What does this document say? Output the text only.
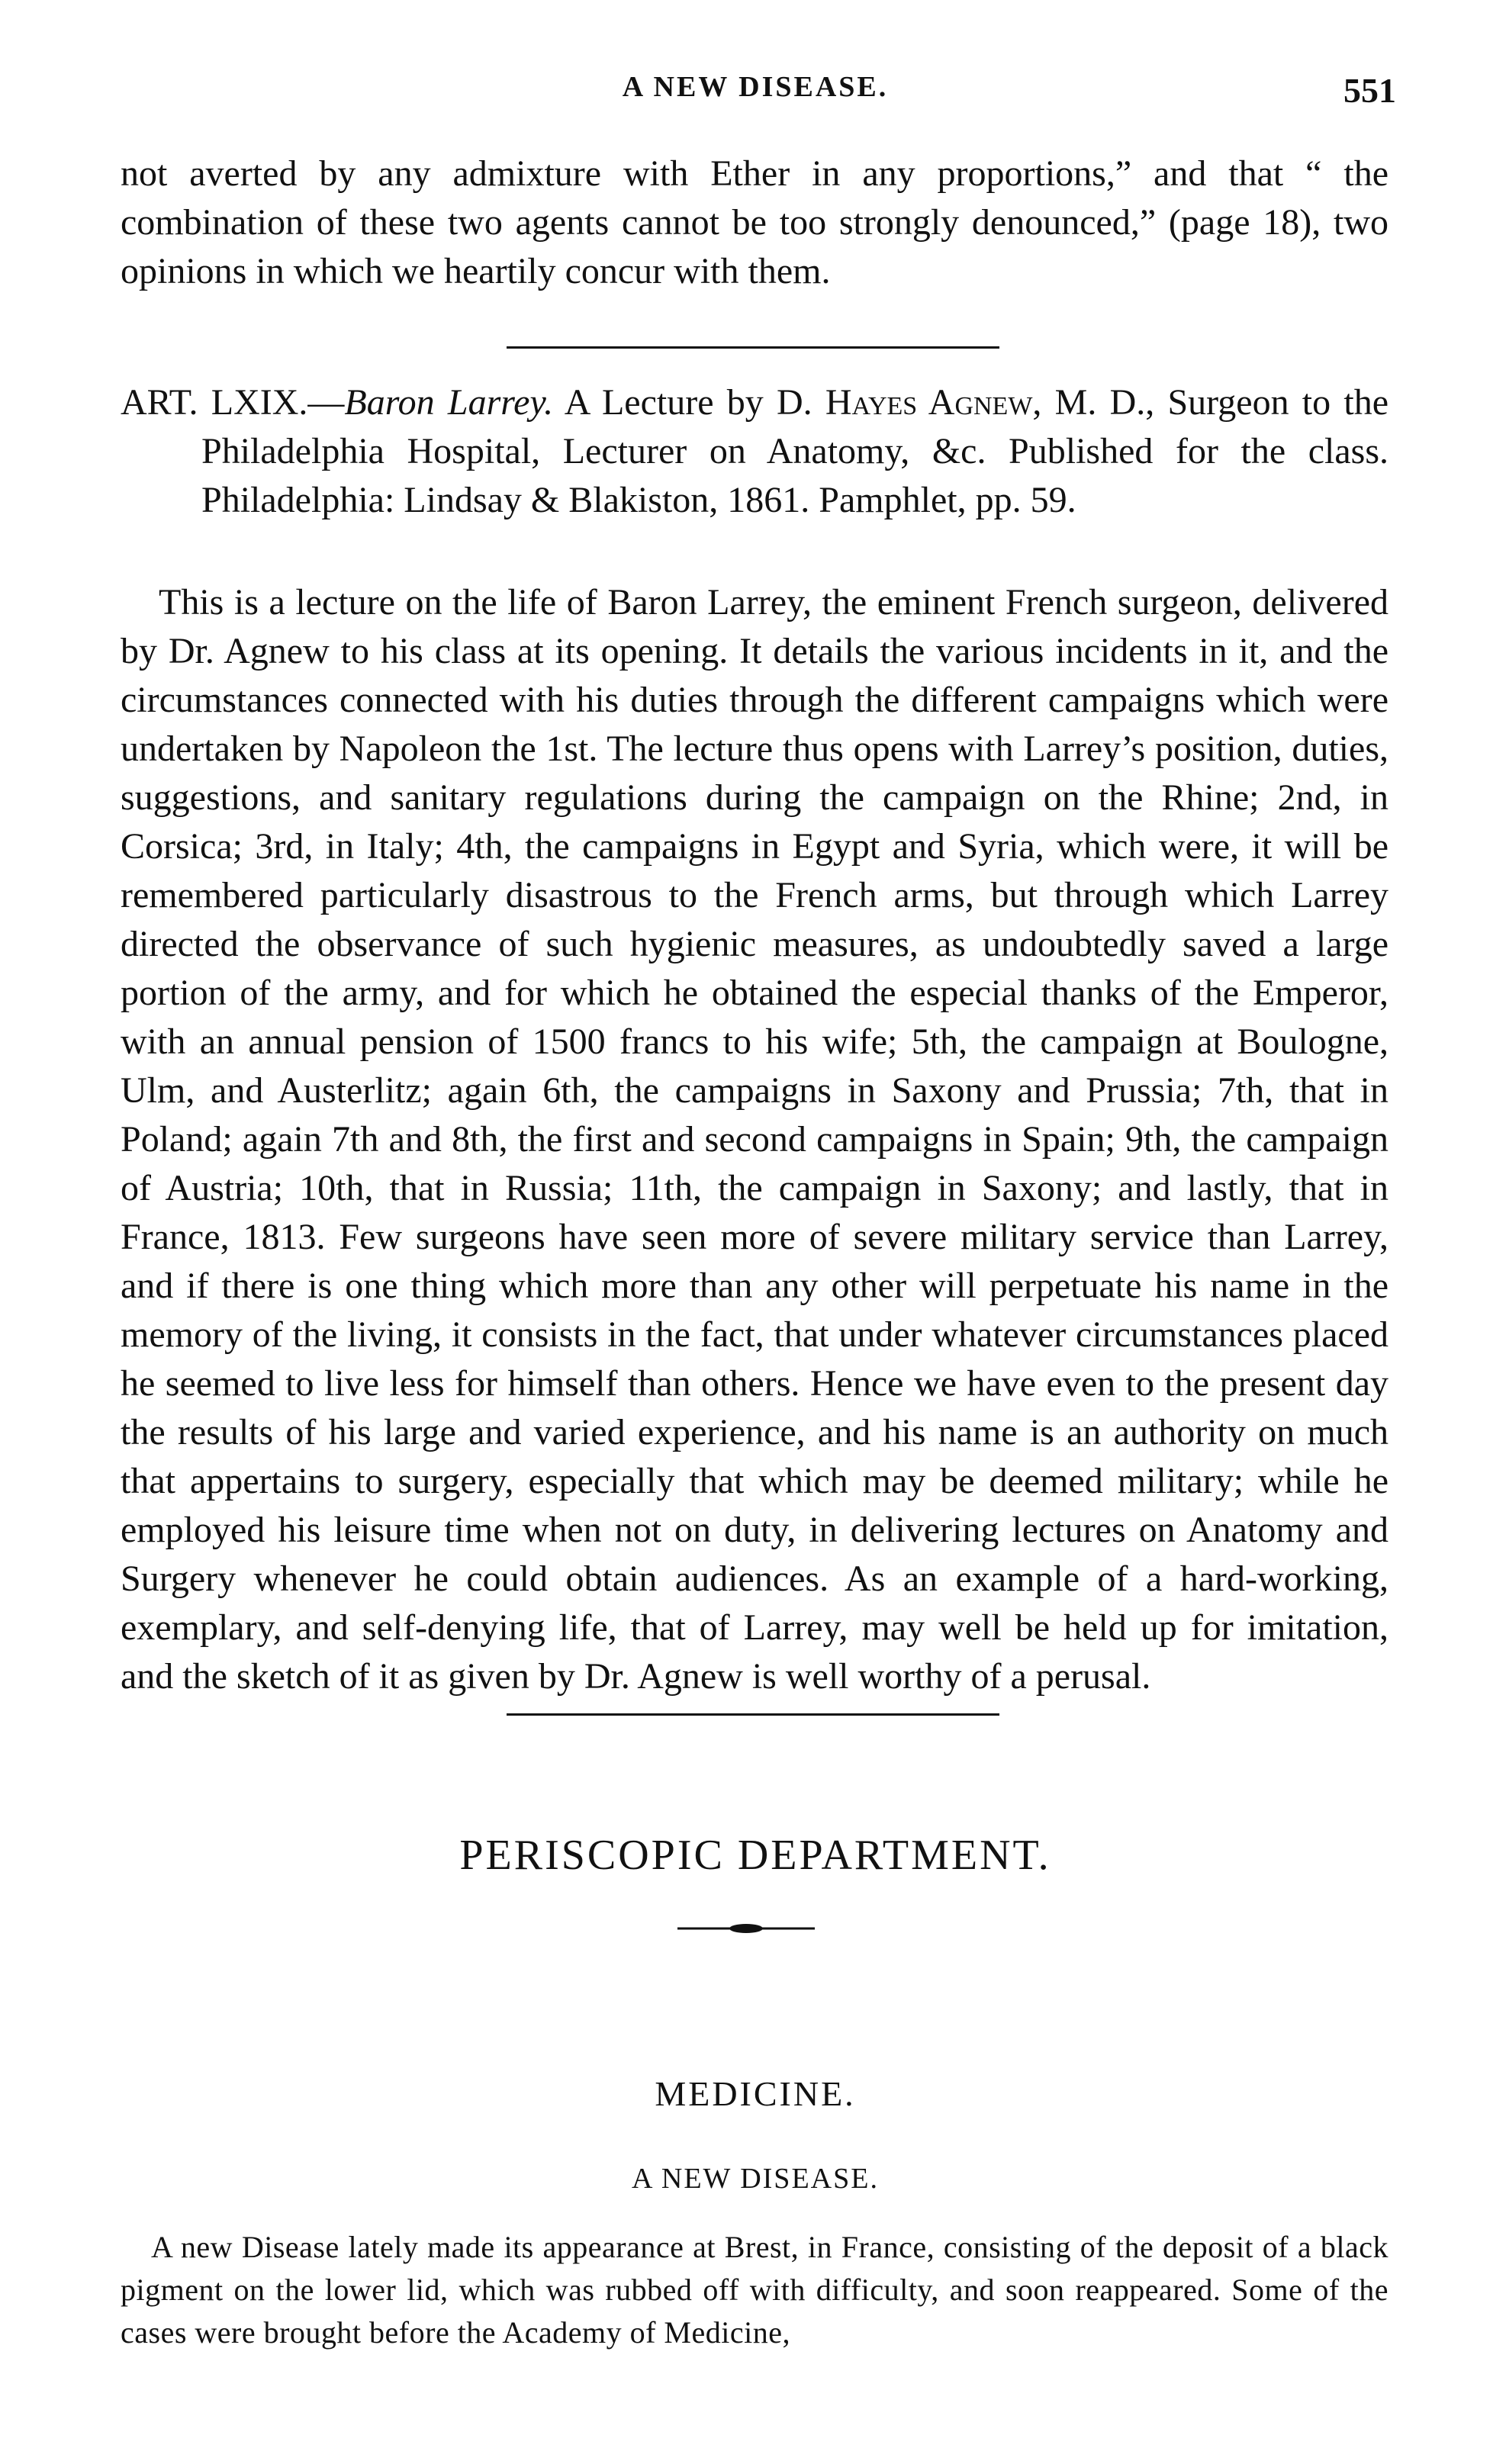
A NEW DISEASE.	551

not averted by any admixture with Ether in any proportions,” and that “ the combination of these two agents cannot be too strongly denounced,” (page 18), two opinions in which we heartily concur with them.

ART. LXIX.—Baron Larrey. A Lecture by D. Hayes Agnew, M. D., Surgeon to the Philadelphia Hospital, Lecturer on Anatomy, &c. Published for the class. Philadelphia: Lindsay & Blakiston, 1861. Pamphlet, pp. 59.

This is a lecture on the life of Baron Larrey, the eminent French surgeon, delivered by Dr. Agnew to his class at its opening. It details the various incidents in it, and the circumstances connected with his duties through the different campaigns which were undertaken by Napoleon the 1st. The lecture thus opens with Larrey’s position, duties, suggestions, and sanitary regulations during the campaign on the Rhine; 2nd, in Corsica; 3rd, in Italy; 4th, the campaigns in Egypt and Syria, which were, it will be remembered particularly disastrous to the French arms, but through which Larrey directed the observance of such hygienic measures, as undoubtedly saved a large portion of the army, and for which he obtained the especial thanks of the Emperor, with an annual pension of 1500 francs to his wife; 5th, the campaign at Boulogne, Ulm, and Austerlitz; again 6th, the campaigns in Saxony and Prussia; 7th, that in Poland; again 7th and 8th, the first and second campaigns in Spain; 9th, the campaign of Austria; 10th, that in Russia; 11th, the campaign in Saxony; and lastly, that in France, 1813. Few surgeons have seen more of severe military service than Larrey, and if there is one thing which more than any other will perpetuate his name in the memory of the living, it consists in the fact, that under whatever circumstances placed he seemed to live less for himself than others. Hence we have even to the present day the results of his large and varied experience, and his name is an authority on much that appertains to surgery, especially that which may be deemed military; while he employed his leisure time when not on duty, in delivering lectures on Anatomy and Surgery whenever he could obtain audiences. As an example of a hard-working, exemplary, and self-denying life, that of Larrey, may well be held up for imitation, and the sketch of it as given by Dr. Agnew is well worthy of a perusal.

PERISCOPIC DEPARTMENT.
MEDICINE.
A NEW DISEASE.

A new Disease lately made its appearance at Brest, in France, consisting of the deposit of a black pigment on the lower lid, which was rubbed off with difficulty, and soon reappeared. Some of the cases were brought before the Academy of Medicine,
